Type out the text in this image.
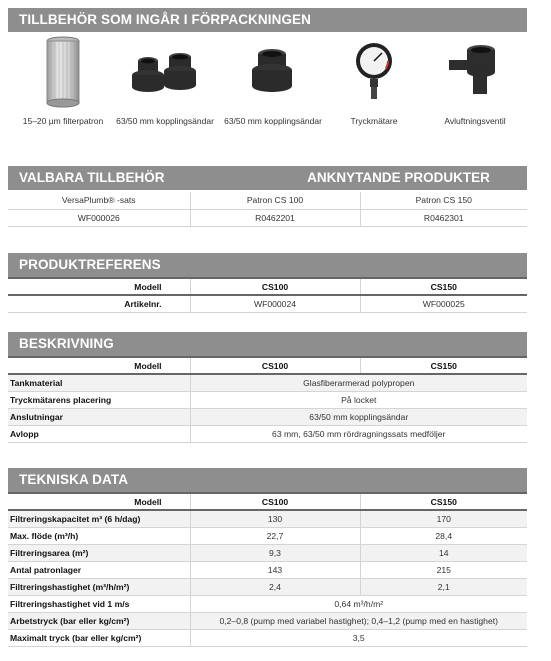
TILLBEHÖR SOM INGÅR I FÖRPACKNINGEN
15–20 µm filterpatron	63/50 mm kopplingsändar	63/50 mm kopplingsändar	Tryckmätare	Avluftningsventil
VALBARA TILLBEHÖR	ANKNYTANDE PRODUKTER
VersaPlumb® -sats	Patron CS 100	Patron CS 150
WF000026	R0462201	R0462301
PRODUKTREFERENS
Modell	CS100	CS150
Artikelnr.	WF000024	WF000025
BESKRIVNING
Modell	CS100	CS150
Tankmaterial	Glasfiberarmerad polypropen	
Tryckmätarens placering	På locket	
Anslutningar	63/50 mm kopplingsändar	
Avlopp	63 mm, 63/50 mm rördragningssats medföljer	
TEKNISKA DATA
Modell	CS100	CS150
Filtreringskapacitet m³ (6 h/dag)	130	170
Max. flöde (m³/h)	22,7	28,4
Filtreringsarea (m²)	9,3	14
Antal patronlager	143	215
Filtreringshastighet (m³/h/m²)	2,4	2,1
Filtreringshastighet vid 1 m/s	0,64 m³/h/m²	
Arbetstryck (bar eller kg/cm²)	0,2–0,8 (pump med variabel hastighet); 0,4–1,2 (pump med en hastighet)	
Maximalt tryck (bar eller kg/cm²)	3,5	
